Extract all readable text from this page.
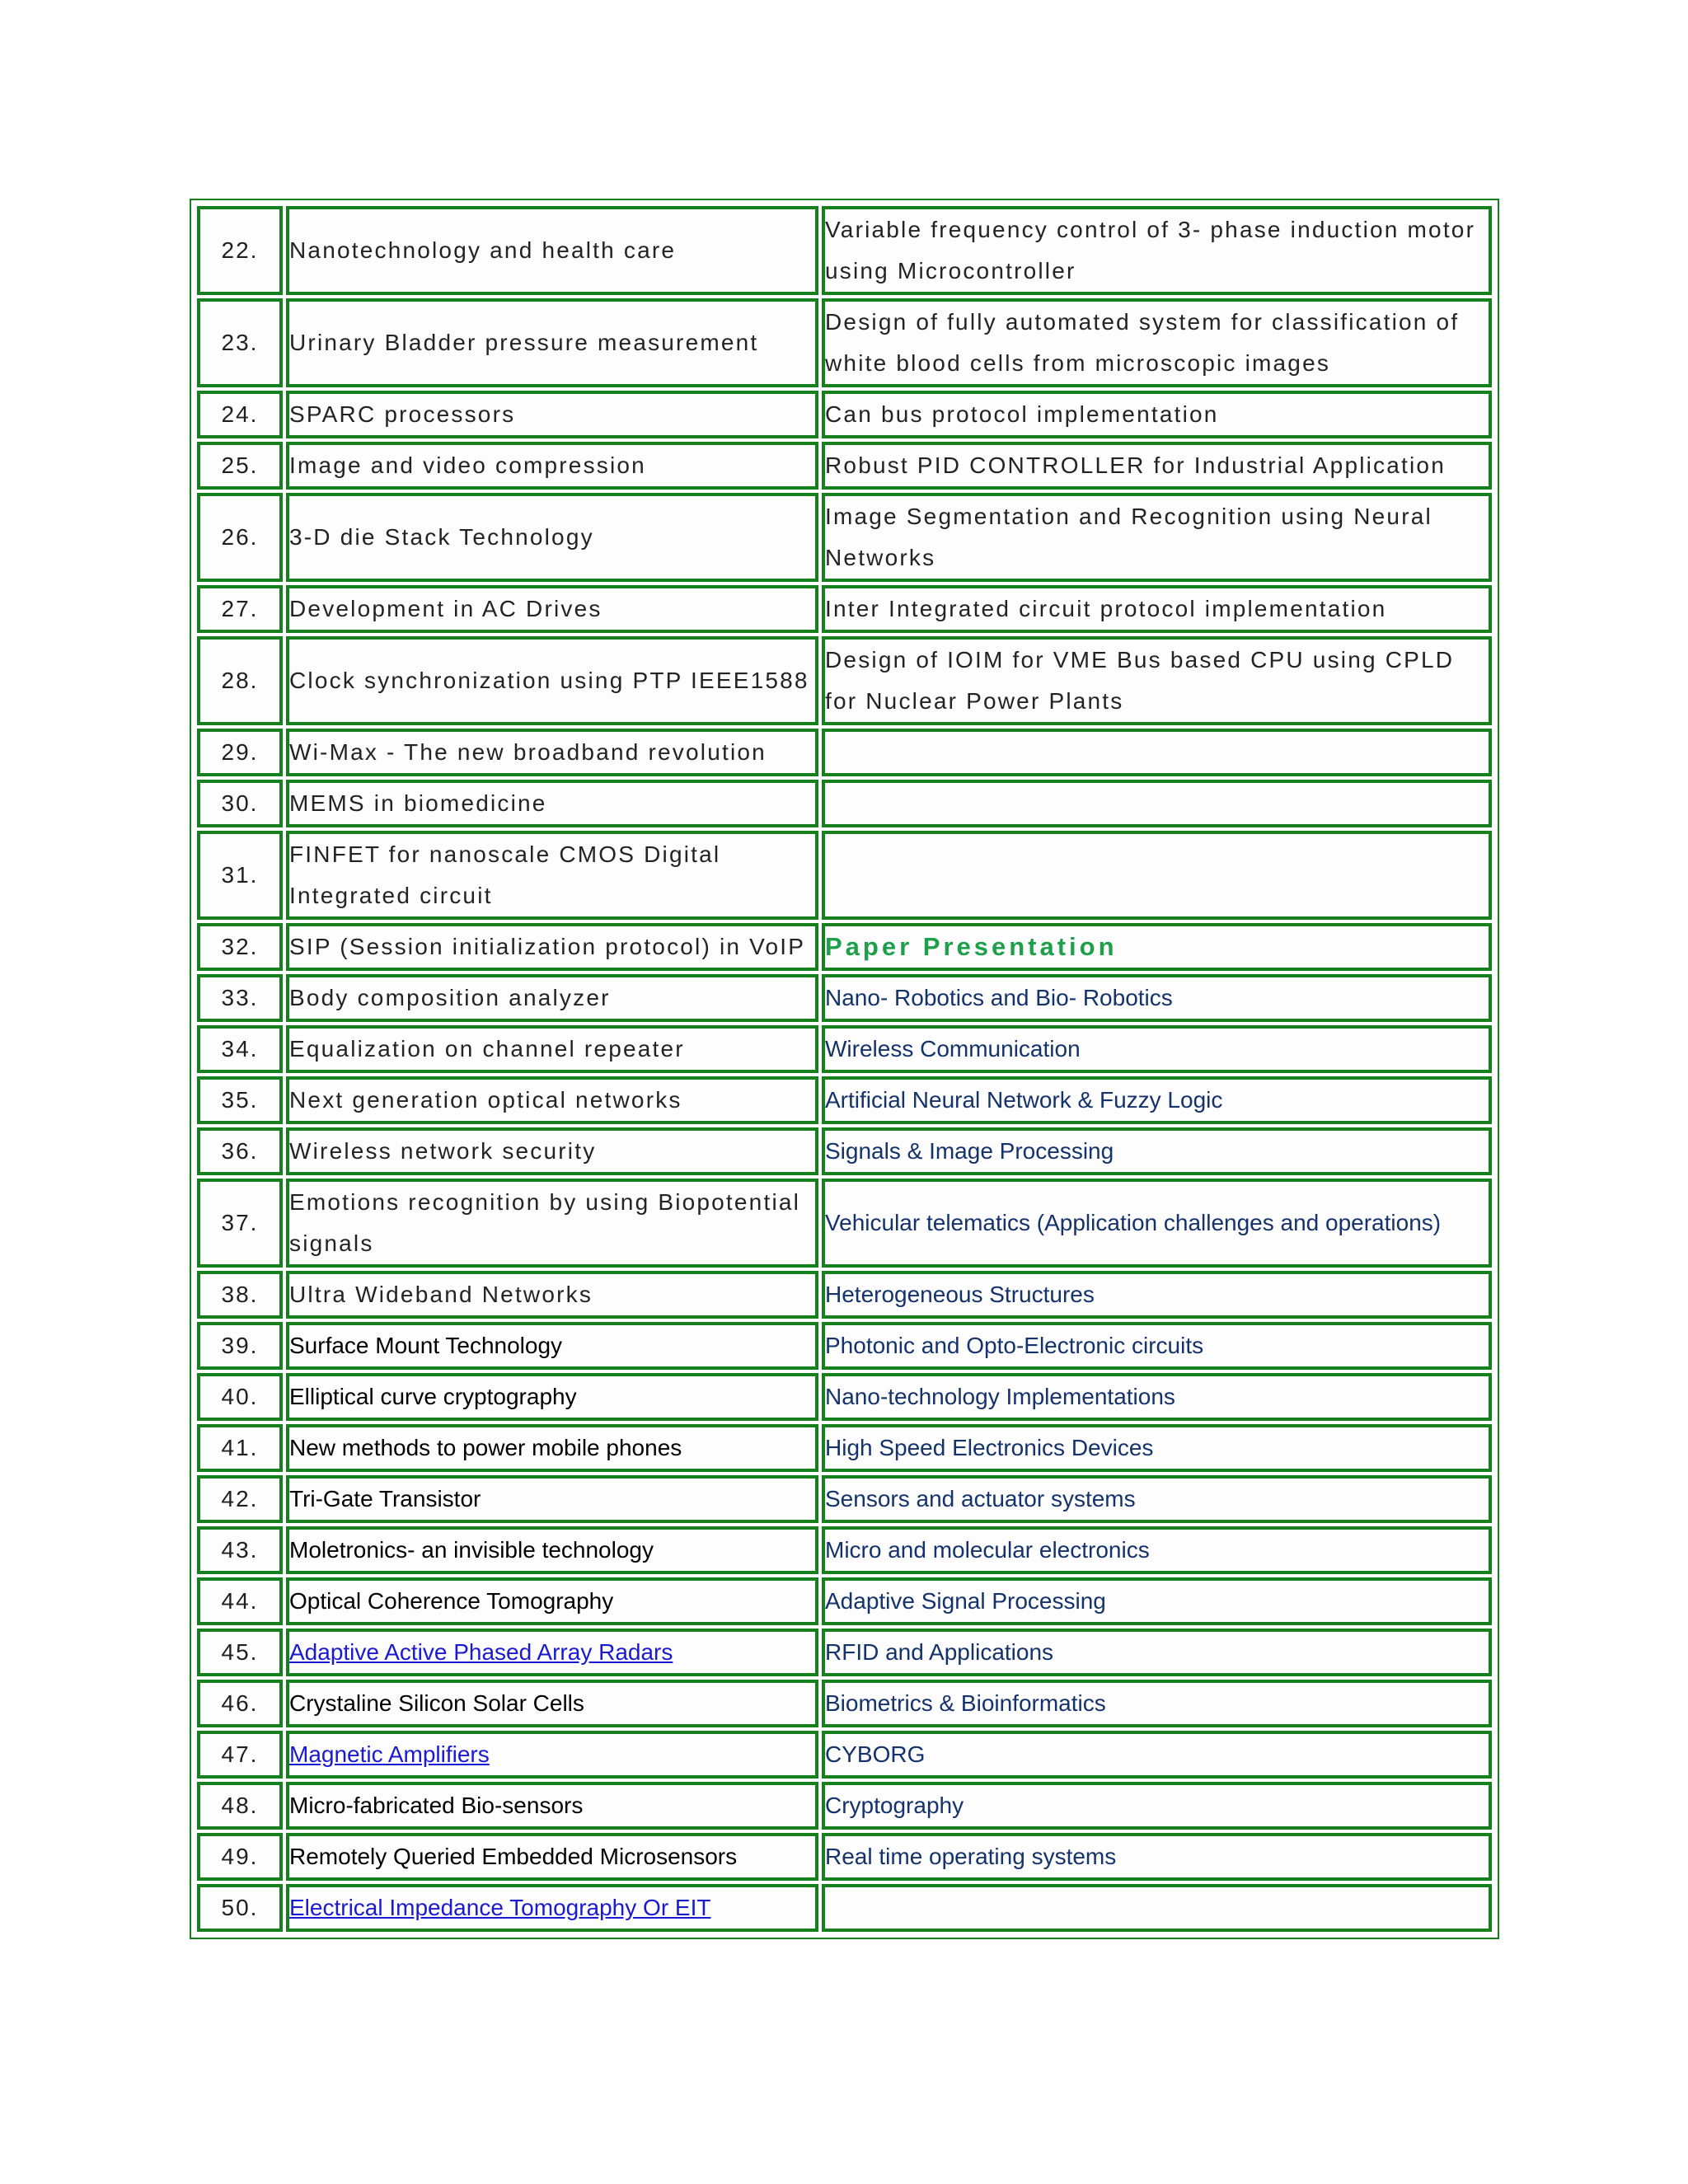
22.	Nanotechnology and health care	Variable frequency control of 3- phase induction motor using Microcontroller

23.	Urinary Bladder pressure measurement	Design of fully automated system for classification of white blood cells from microscopic images

24.	SPARC processors	Can bus protocol implementation

25.	Image and video compression	Robust PID CONTROLLER for Industrial Application

26.	3-D die Stack Technology	Image Segmentation and Recognition using Neural Networks

27.	Development in AC Drives	Inter Integrated circuit protocol implementation

28.	Clock synchronization using PTP IEEE1588	Design of IOIM for VME Bus based CPU using CPLD for Nuclear Power Plants

29.	Wi-Max - The new broadband revolution	

30.	MEMS in biomedicine	

31.	FINFET for nanoscale CMOS Digital Integrated circuit	

32.	SIP (Session initialization protocol) in VoIP	Paper Presentation

33.	Body composition analyzer	Nano- Robotics and Bio- Robotics

34.	Equalization on channel repeater	Wireless Communication

35.	Next generation optical networks	Artificial Neural Network & Fuzzy Logic

36.	Wireless network security	Signals & Image Processing

37.	Emotions recognition by using Biopotential signals	Vehicular telematics (Application challenges and operations)

38.	Ultra Wideband Networks	Heterogeneous Structures

39.	Surface Mount Technology	Photonic and Opto-Electronic circuits

40.	Elliptical curve cryptography	Nano-technology Implementations

41.	New methods to power mobile phones	High Speed Electronics Devices

42.	Tri-Gate Transistor	Sensors and actuator systems

43.	Moletronics- an invisible technology	Micro and molecular electronics

44.	Optical Coherence Tomography	Adaptive Signal Processing

45.	Adaptive Active Phased Array Radars	RFID and Applications

46.	Crystaline Silicon Solar Cells	Biometrics & Bioinformatics

47.	Magnetic Amplifiers	CYBORG

48.	Micro-fabricated Bio-sensors	Cryptography

49.	Remotely Queried Embedded Microsensors	Real time operating systems

50.	Electrical Impedance Tomography Or EIT	
